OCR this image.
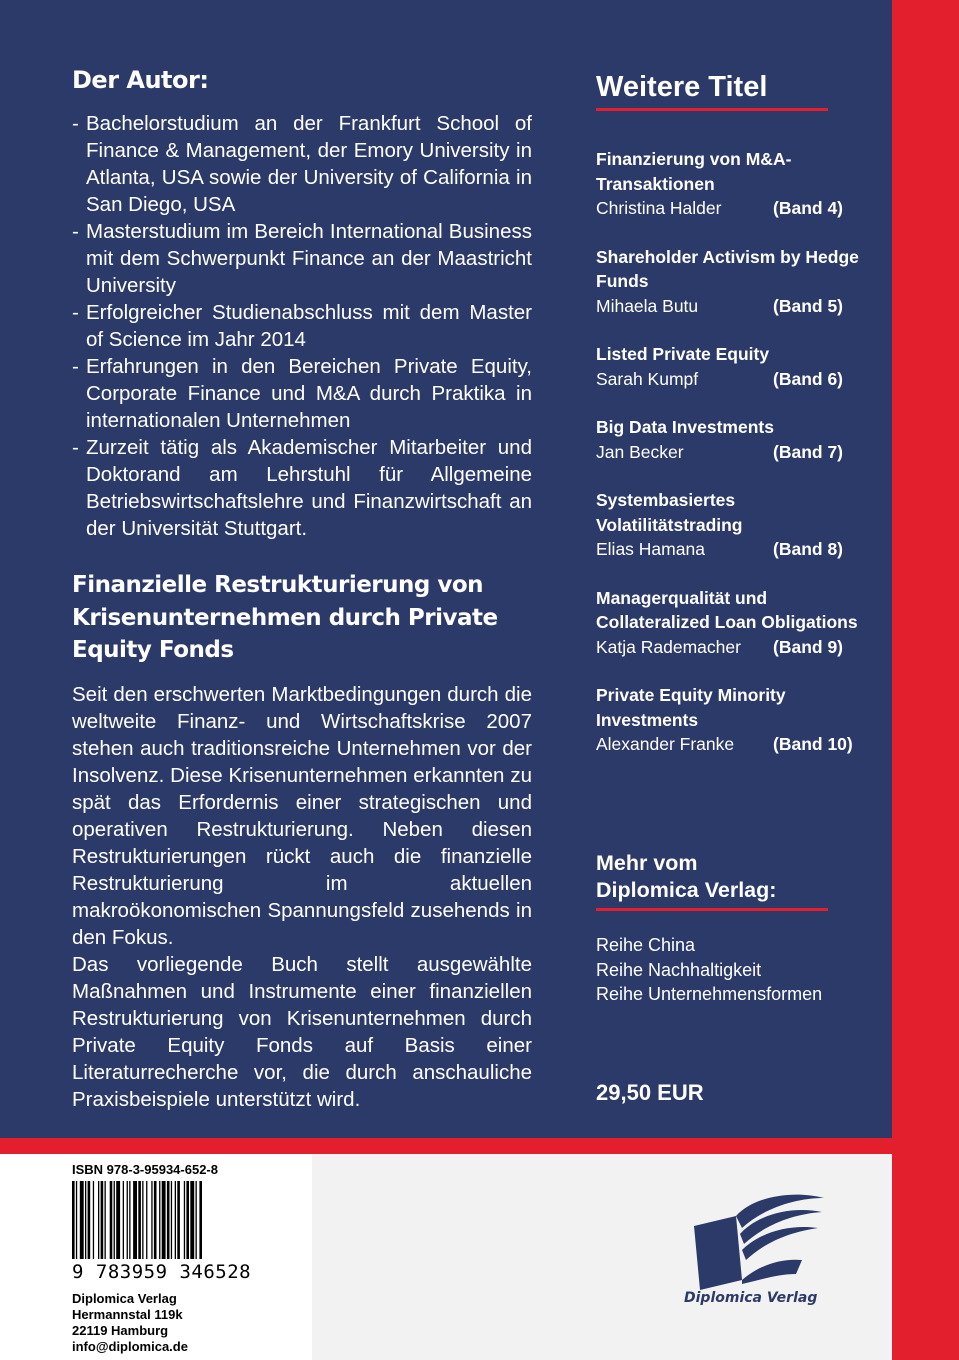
Der Autor:
- Bachelorstudium an der Frankfurt School of Finance & Management, der Emory University in Atlanta, USA sowie der University of California in San Diego, USA
- Masterstudium im Bereich International Business mit dem Schwerpunkt Finance an der Maastricht University
- Erfolgreicher Studienabschluss mit dem Master of Science im Jahr 2014
- Erfahrungen in den Bereichen Private Equity, Corporate Finance und M&A durch Praktika in internationalen Unternehmen
- Zurzeit tätig als Akademischer Mitarbeiter und Doktorand am Lehrstuhl für Allgemeine Betriebswirtschaftslehre und Finanzwirtschaft an der Universität Stuttgart.
Finanzielle Restrukturierung von Krisenunternehmen durch Private Equity Fonds

Seit den erschwerten Marktbedingungen durch die weltweite Finanz- und Wirtschaftskrise 2007 stehen auch traditionsreiche Unternehmen vor der Insolvenz. Diese Krisenunternehmen erkannten zu spät das Erfordernis einer strategischen und operativen Restrukturierung. Neben diesen Restrukturierungen rückt auch die finanzielle Restrukturierung im aktuellen makroökonomischen Spannungsfeld zusehends in den Fokus.

Das vorliegende Buch stellt ausgewählte Maßnahmen und Instrumente einer finanziellen Restrukturierung von Krisenunternehmen durch Private Equity Fonds auf Basis einer Literaturrecherche vor, die durch anschauliche Praxisbeispiele unterstützt wird.

Weitere Titel
Finanzierung von M&A-Transaktionen
Christina Halder	(Band 4)
Shareholder Activism by Hedge Funds
Mihaela Butu	(Band 5)
Listed Private Equity
Sarah Kumpf	(Band 6)
Big Data Investments
Jan Becker	(Band 7)
Systembasiertes Volatilitätstrading
Elias Hamana	(Band 8)
Managerqualität und Collateralized Loan Obligations
Katja Rademacher	(Band 9)
Private Equity Minority Investments
Alexander Franke	(Band 10)
Mehr vom
Diplomica Verlag:
Reihe China
Reihe Nachhaltigkeit
Reihe Unternehmensformen
29,50 EUR
ISBN 978-3-95934-652-8
9 783959 346528
Diplomica Verlag
Hermannstal 119k
22119 Hamburg
info@diplomica.de
Diplomica Verlag
